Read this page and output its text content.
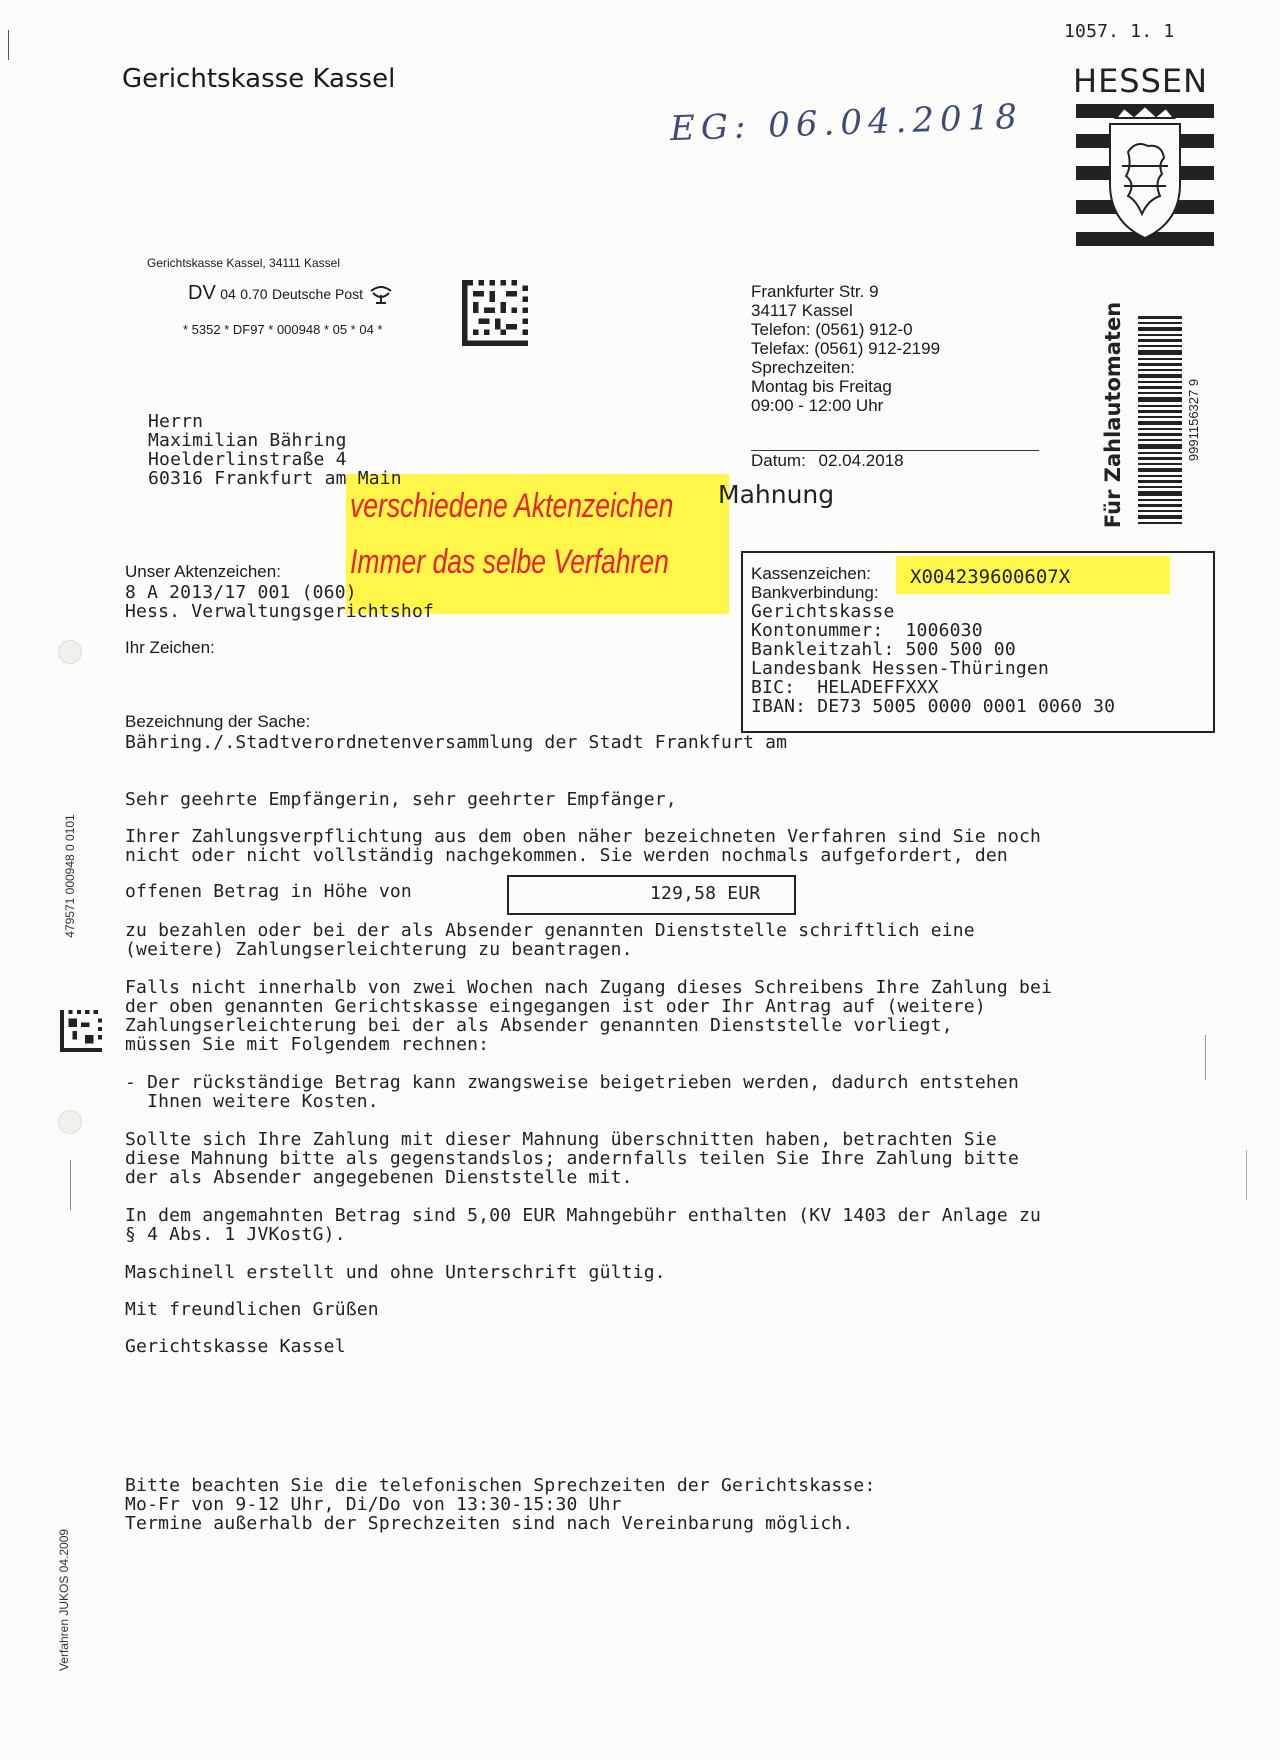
Gerichtskasse Kassel
1057. 1. 1
HESSEN
EG: 06.04.2018
Gerichtskasse Kassel, 34111 Kassel
DV 04 0.70 Deutsche Post
* 5352 * DF97 * 000948 * 05 * 04 *
Frankfurter Str. 9
34117 Kassel
Telefon: (0561) 912-0
Telefax: (0561) 912-2199
Sprechzeiten:
Montag bis Freitag
09:00 - 12:00 Uhr
Datum: 02.04.2018
Herrn
Maximilian Bähring
Hoelderlinstraße 4
60316 Frankfurt am Main
verschiedene Aktenzeichen
Immer das selbe Verfahren
Mahnung
Unser Aktenzeichen:
8 A 2013/17 001 (060)
Hess. Verwaltungsgerichtshof
Ihr Zeichen:
Kassenzeichen: X004239600607X
Bankverbindung:
Gerichtskasse
Kontonummer:  1006030
Bankleitzahl: 500 500 00
Landesbank Hessen-Thüringen
BIC:  HELADEFFXXX
IBAN: DE73 5005 0000 0001 0060 30
9991156327 9
Für Zahlautomaten
479571 000948 0 0101
Verfahren JUKOS 04.2009
Bezeichnung der Sache:
Bähring./.Stadtverordnetenversammlung der Stadt Frankfurt am
Sehr geehrte Empfängerin, sehr geehrter Empfänger,
Ihrer Zahlungsverpflichtung aus dem oben näher bezeichneten Verfahren sind Sie noch
nicht oder nicht vollständig nachgekommen. Sie werden nochmals aufgefordert, den
offenen Betrag in Höhe von
zu bezahlen oder bei der als Absender genannten Dienststelle schriftlich eine
(weitere) Zahlungserleichterung zu beantragen.
Falls nicht innerhalb von zwei Wochen nach Zugang dieses Schreibens Ihre Zahlung bei
der oben genannten Gerichtskasse eingegangen ist oder Ihr Antrag auf (weitere)
Zahlungserleichterung bei der als Absender genannten Dienststelle vorliegt,
müssen Sie mit Folgendem rechnen:
- Der rückständige Betrag kann zwangsweise beigetrieben werden, dadurch entstehen
Ihnen weitere Kosten.
Sollte sich Ihre Zahlung mit dieser Mahnung überschnitten haben, betrachten Sie
diese Mahnung bitte als gegenstandslos; andernfalls teilen Sie Ihre Zahlung bitte
der als Absender angegebenen Dienststelle mit.
In dem angemahnten Betrag sind 5,00 EUR Mahngebühr enthalten (KV 1403 der Anlage zu
§ 4 Abs. 1 JVKostG).
Maschinell erstellt und ohne Unterschrift gültig.
Mit freundlichen Grüßen
Gerichtskasse Kassel
Bitte beachten Sie die telefonischen Sprechzeiten der Gerichtskasse:
Mo-Fr von 9-12 Uhr, Di/Do von 13:30-15:30 Uhr
Termine außerhalb der Sprechzeiten sind nach Vereinbarung möglich.
129,58 EUR
